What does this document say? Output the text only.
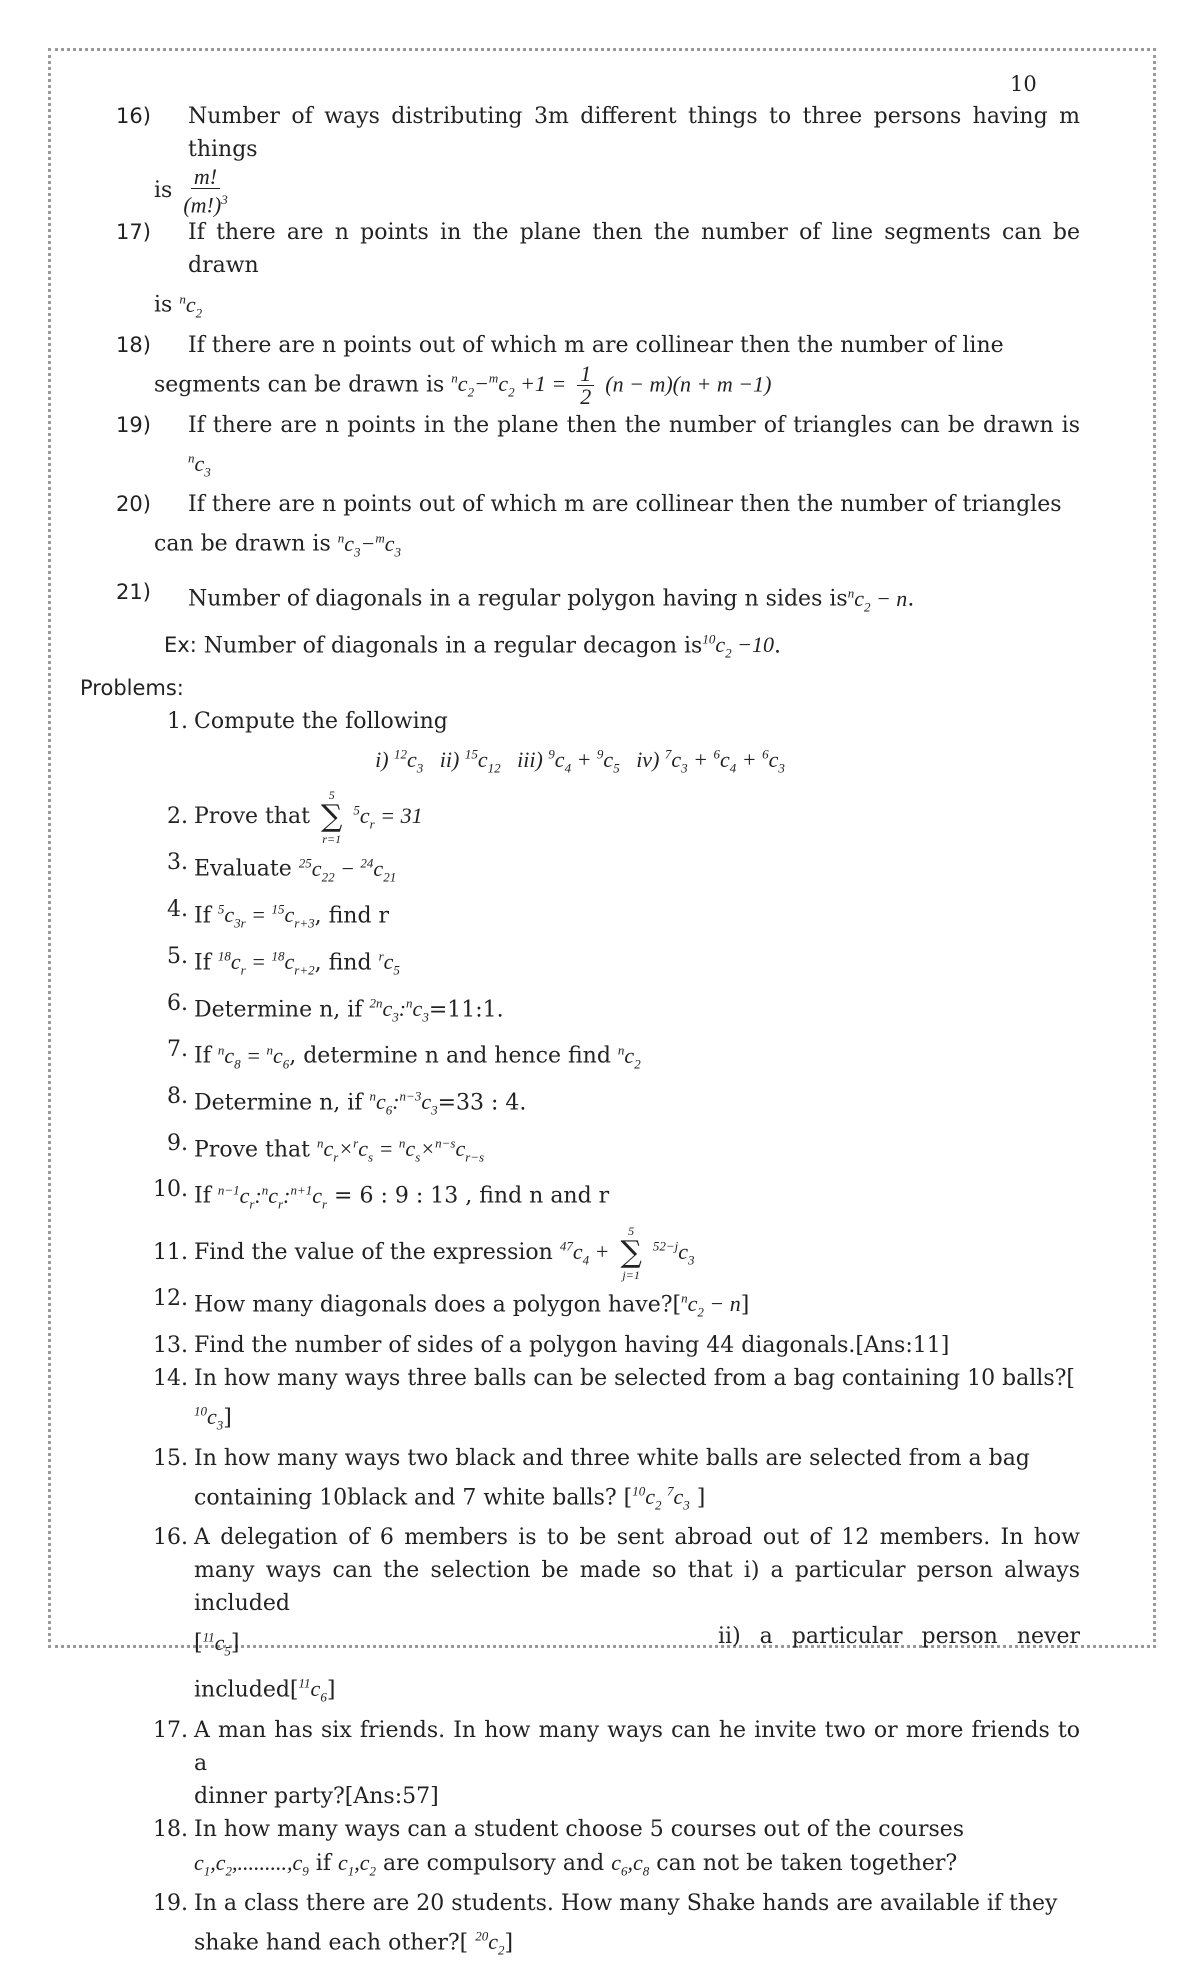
10
16)	Number of ways distributing 3m different things to three persons having m things
is $\frac{m!}{(m!)^3}$
17)	If there are n points in the plane then the number of line segments can be drawn
is $^nc_2$
18)	If there are n points out of which m are collinear then the number of line
segments can be drawn is $^nc_2-^mc_2 +1 = \frac{1}{2} (n - m)(n + m -1)$
19)	If there are n points in the plane then the number of triangles can be drawn is $^nc_3$
20)	If there are n points out of which m are collinear then the number of triangles
can be drawn is $^nc_3-^mc_3$
21)	Number of diagonals in a regular polygon having n sides $is^nc_2 - n$.
Ex: Number of diagonals in a regular decagon $is^{10}c_2 -10$.
Problems:
1. Compute the following
i) $^{12}c_3$   ii) $^{15}c_{12}$   iii) $^9c_4 + ^9c_5$   iv) $^7c_3 + ^6c_4 + ^6c_3$
2. Prove that
5
∑
r=1
$^5c_r = 31$
3. Evaluate $^{25}c_{22} - ^{24}c_{21}$
4. If $^5c_{3r} = ^{15}c_{r+3}$, find r
5. If $^{18}c_r = ^{18}c_{r+2}$, find $^rc_5$
6. Determine n, if $^{2n}c_3:^nc_3=11:1$.
7. If $^nc_8 = ^nc_6$, determine n and hence find $^nc_2$
8. Determine n, if $^nc_6:^{n-3}c_3=33$ : 4.
9. Prove that $^nc_r\times^rc_s = ^nc_s\times^{n-s}c_{r-s}$
10. If $^{n-1}c_r:^nc_r:^{n+1}c_r = 6$ : 9 : 13 , find n and r
11. Find the value of the expression $^{47}c_4$ +
5
∑
j=1
$^{52-j}c_3$
12. How many diagonals does a polygon $have?[^nc_2 - n]$
13. Find the number of sides of a polygon having 44 diagonals.[Ans:11]
14. In how many ways three balls can be selected from a bag containing 10 balls?[
$^{10}c_3$]
15. In how many ways two black and three white balls are selected from a bag
containing 10black and 7 white balls? [$^{10}c_2$ $^7c_3$ ]
16. A delegation of 6 members is to be sent abroad out of 12 members. In how many ways can the selection be made so that i) a particular person always included

$[^{11}c_5]$	ii) a particular person never
$included[^{11}c_6]$
17. A man has six friends. In how many ways can he invite two or more friends to a
dinner party?[Ans:57]
18. In how many ways can a student choose 5 courses out of the courses
$c_1,c_2,.........,c_9$ if $c_1,c_2$ are compulsory and $c_6,c_8$ can not be taken together?
19. In a class there are 20 students. How many Shake hands are available if they
shake hand each other?[ $^{20}c_2$]
